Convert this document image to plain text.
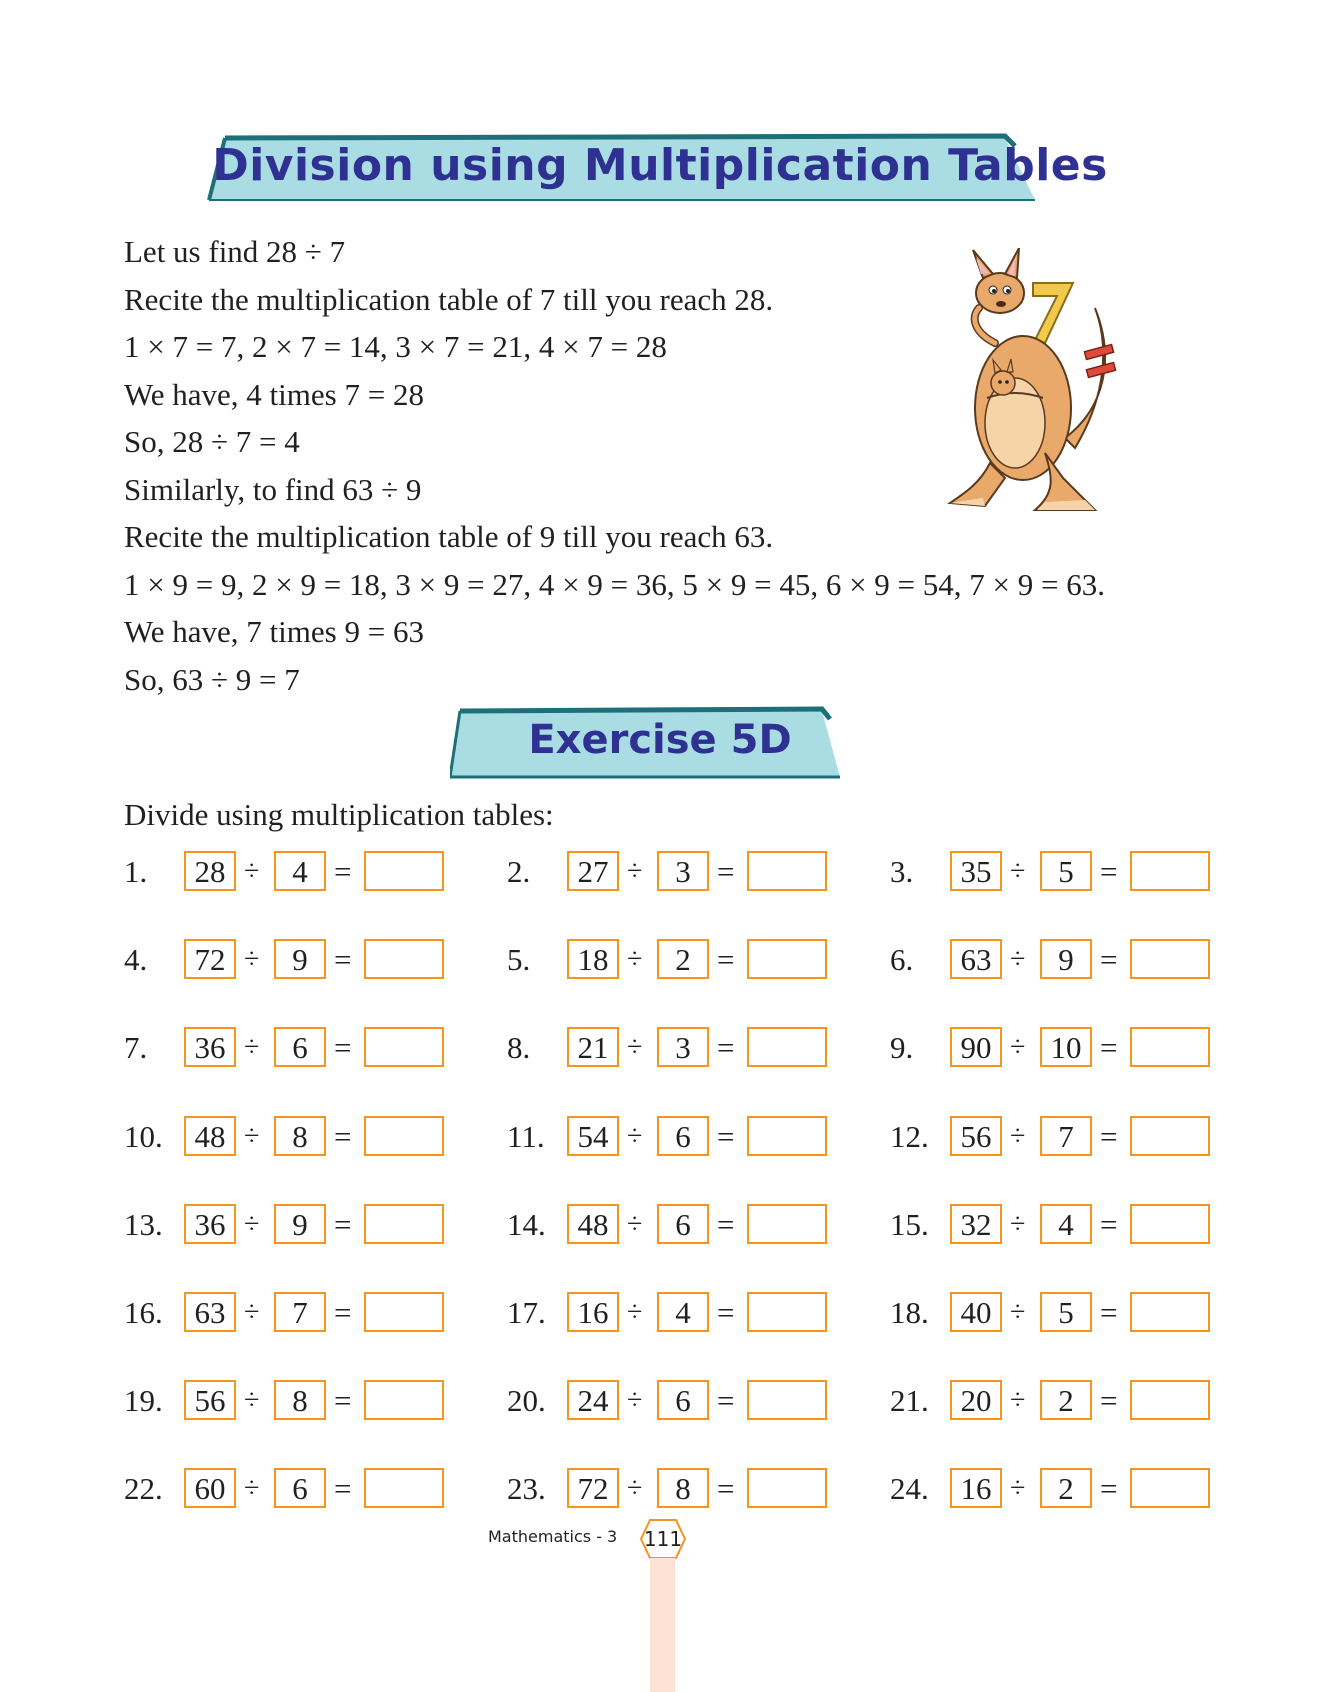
Division using Multiplication Tables
Let us find 28 ÷ 7
Recite the multiplication table of 7 till you reach 28.
1 × 7 = 7, 2 × 7 = 14, 3 × 7 = 21, 4 × 7 = 28
We have, 4 times 7 = 28
So, 28 ÷ 7 = 4
Similarly, to find 63 ÷ 9
Recite the multiplication table of 9 till you reach 63.
1 × 9 = 9, 2 × 9 = 18, 3 × 9 = 27, 4 × 9 = 36, 5 × 9 = 45, 6 × 9 = 54, 7 × 9 = 63.
We have, 7 times 9 = 63
So, 63 ÷ 9 = 7
Exercise 5D
Divide using multiplication tables:
1.	28 ÷	4 =	2.	27 ÷	3 =	3.	35 ÷	5 =
4.	72 ÷	9 =	5.	18 ÷	2 =	6.	63 ÷	9 =
7.	36 ÷	6 =	8.	21 ÷	3 =	9.	90 ÷ 10 =
10.	48 ÷	8 =	11.	54 ÷	6 =	12.	56 ÷	7 =
13.	36 ÷	9 =	14.	48 ÷	6 =	15.	32 ÷	4 =
16.	63 ÷	7 =	17.	16 ÷	4 =	18.	40 ÷	5 =
19.	56 ÷	8 =	20.	24 ÷	6 =	21.	20 ÷	2 =
22.	60 ÷	6 =	23.	72 ÷	8 =	24.	16 ÷	2 =
Mathematics - 3 111
